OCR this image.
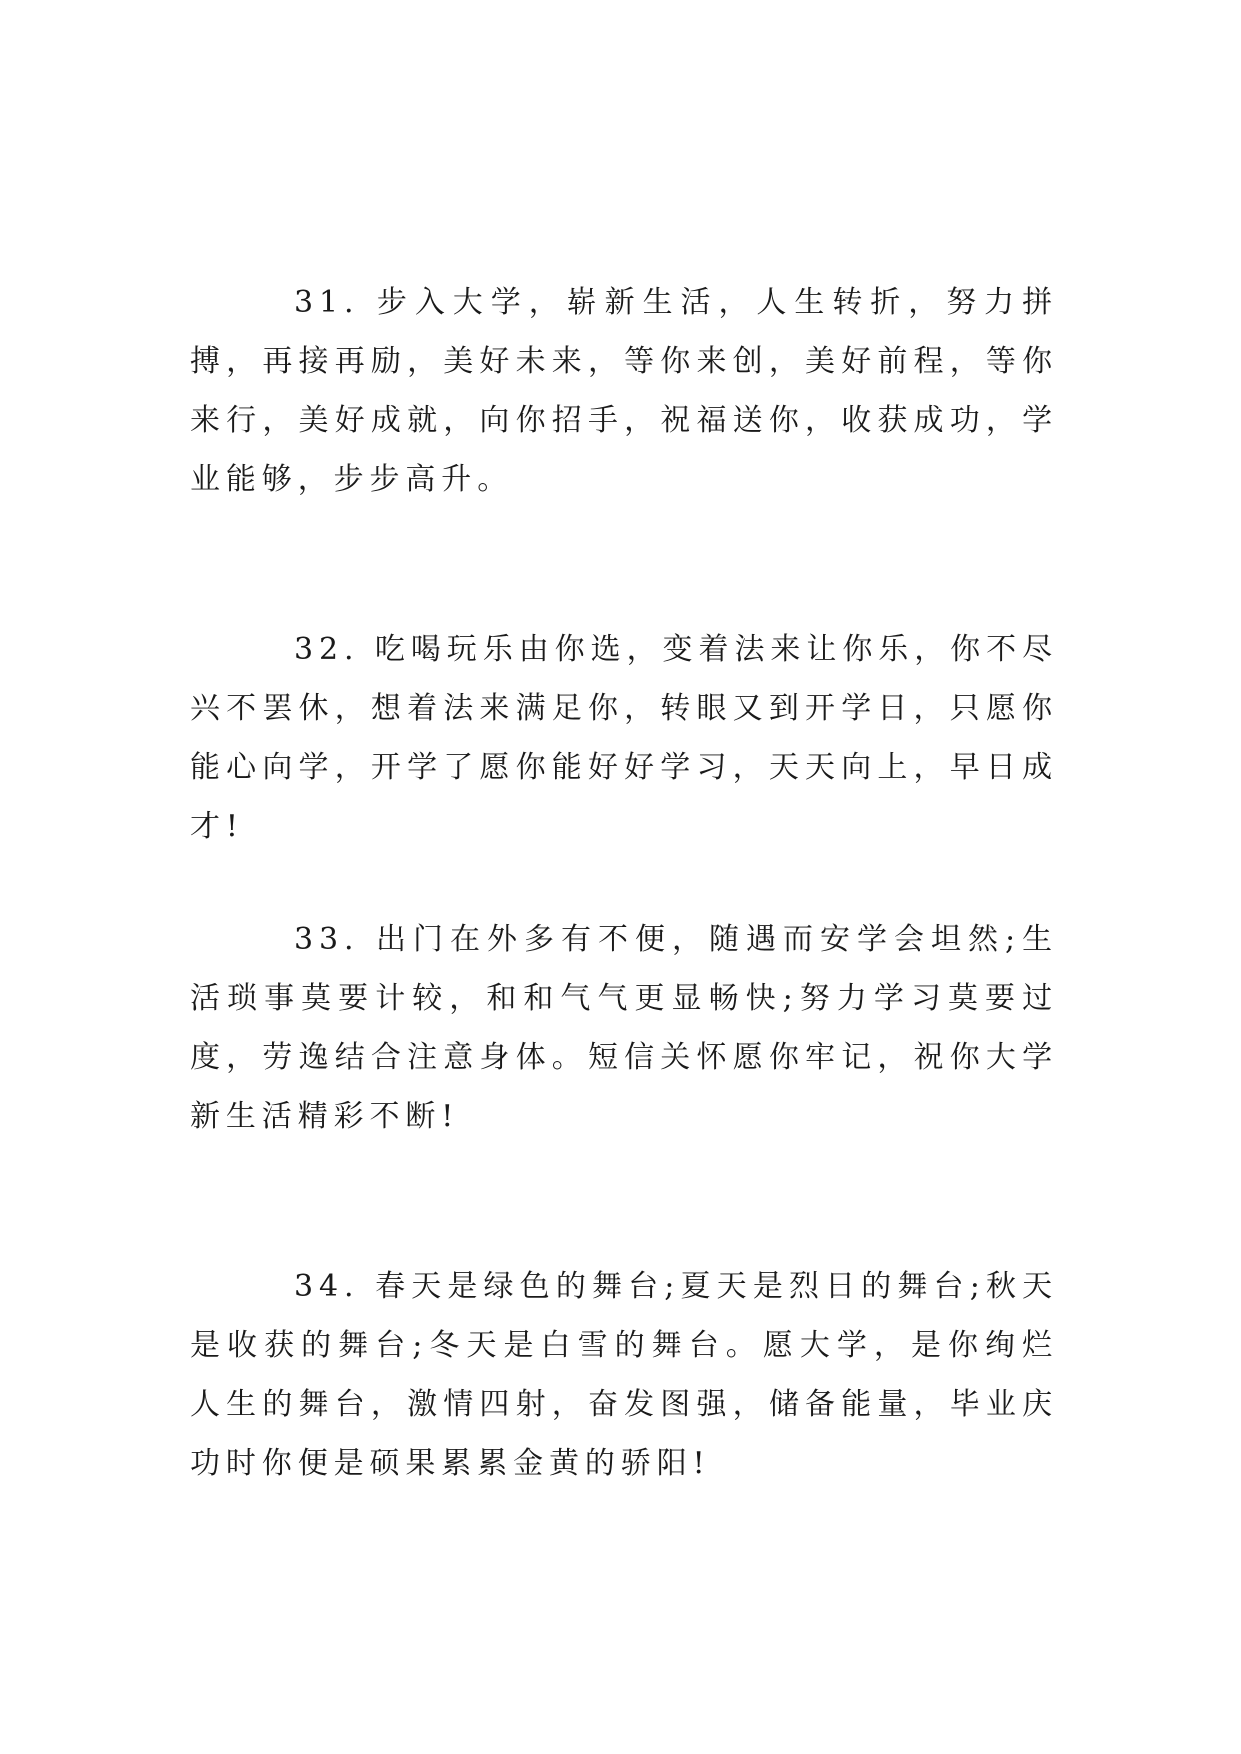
31. 步入大学，崭新生活，人生转折，努力拼搏，再接再励，美好未来，等你来创，美好前程，等你来行，美好成就，向你招手，祝福送你，收获成功，学业能够，步步高升。

32. 吃喝玩乐由你选，变着法来让你乐，你不尽兴不罢休，想着法来满足你，转眼又到开学日，只愿你能心向学，开学了愿你能好好学习，天天向上，早日成才!

33. 出门在外多有不便，随遇而安学会坦然;生活琐事莫要计较，和和气气更显畅快;努力学习莫要过度，劳逸结合注意身体。短信关怀愿你牢记，祝你大学新生活精彩不断!

34. 春天是绿色的舞台;夏天是烈日的舞台;秋天是收获的舞台;冬天是白雪的舞台。愿大学，是你绚烂人生的舞台，激情四射，奋发图强，储备能量，毕业庆功时你便是硕果累累金黄的骄阳!
